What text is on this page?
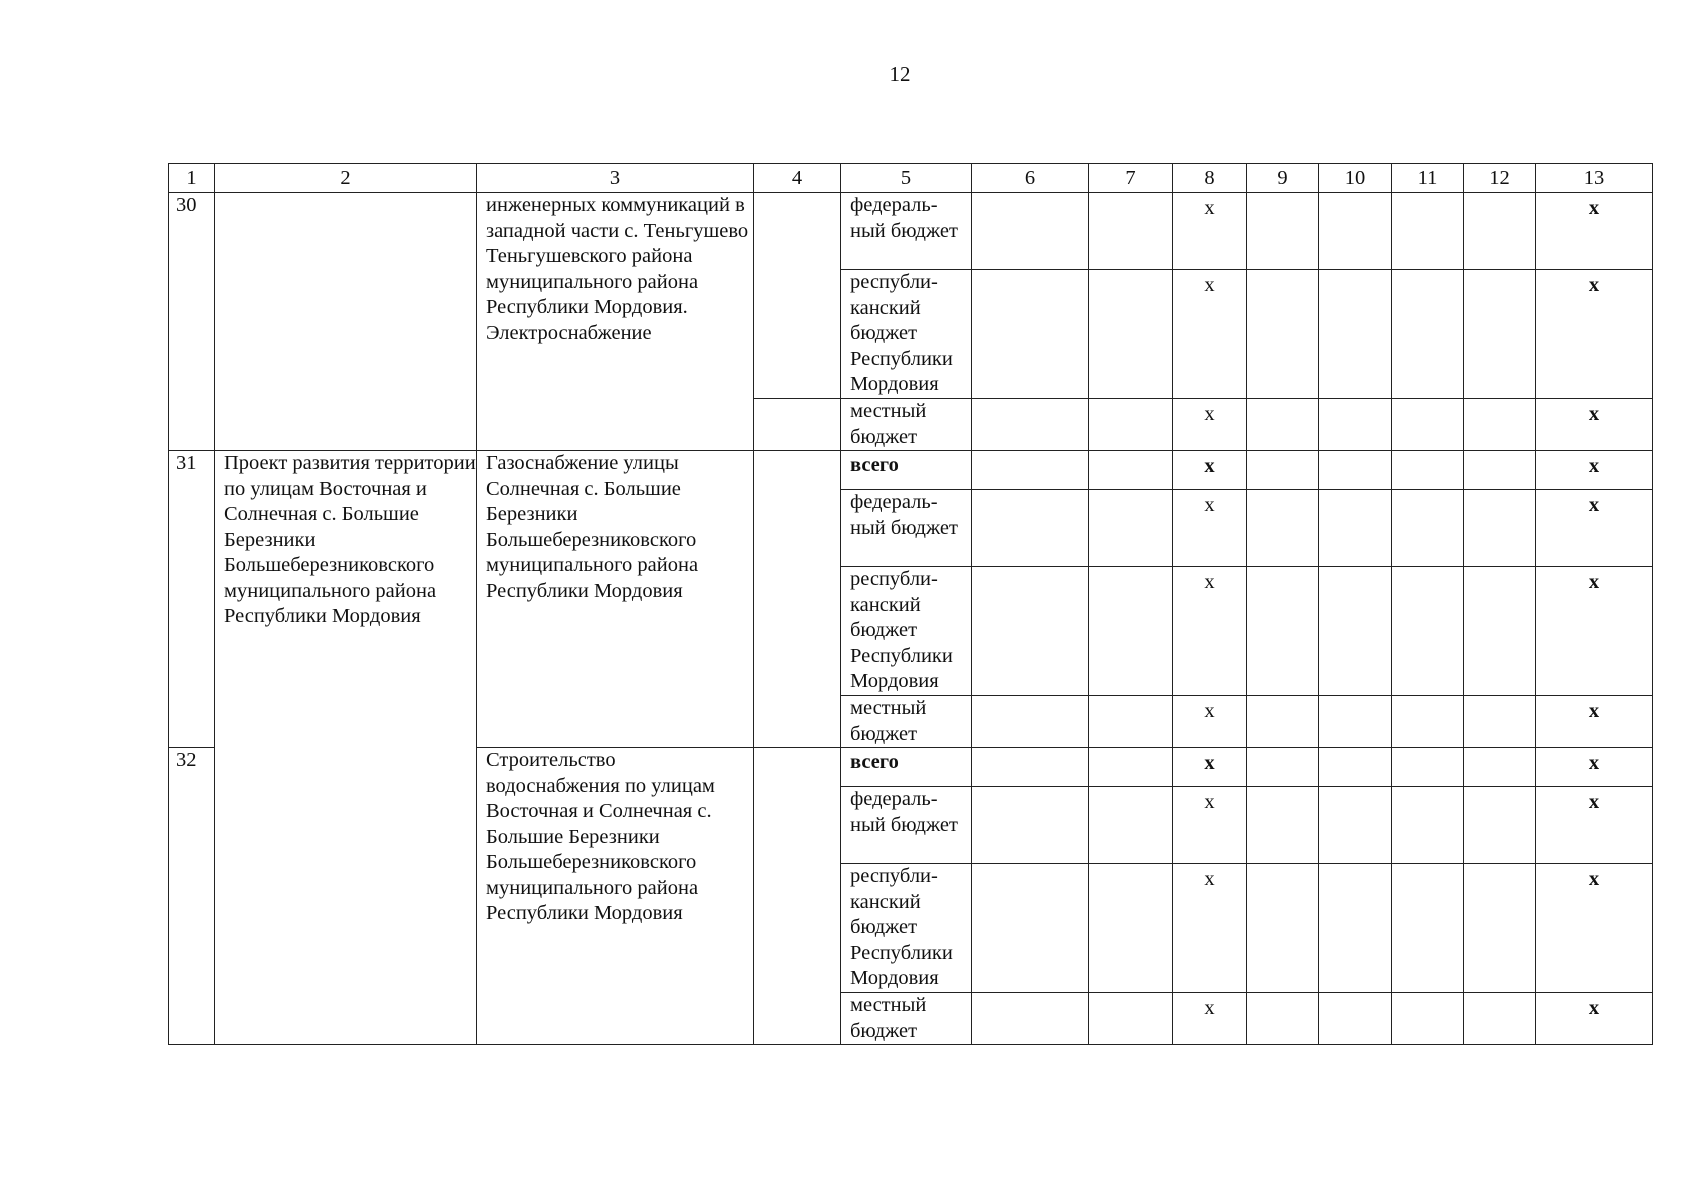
12
1	2	3	4	5	6	7	8	9	10	11	12	13
30		инженерных коммуникаций в западной части с. Теньгушево Теньгушевского района муниципального района Республики Мордовия. Электроснабжение		федераль- ный бюджет			x					x
				республи- канский бюджет Республики Мордовия			x					x
				местный бюджет			x					x
31	Проект развития территории по улицам Восточная и Солнечная с. Большие Березники Большеберезниковского муниципального района Республики Мордовия	Газоснабжение улицы Солнечная с. Большие Березники Большеберезниковского муниципального района Республики Мордовия		всего			x					x
				федераль- ный бюджет			x					x
				республи- канский бюджет Республики Мордовия			x					x
				местный бюджет			x					x
32		Строительство водоснабжения по улицам Восточная и Солнечная с. Большие Березники Большеберезниковского муниципального района Республики Мордовия		всего			x					x
				федераль- ный бюджет			x					x
				республи- канский бюджет Республики Мордовия			x					x
				местный бюджет			x					x
